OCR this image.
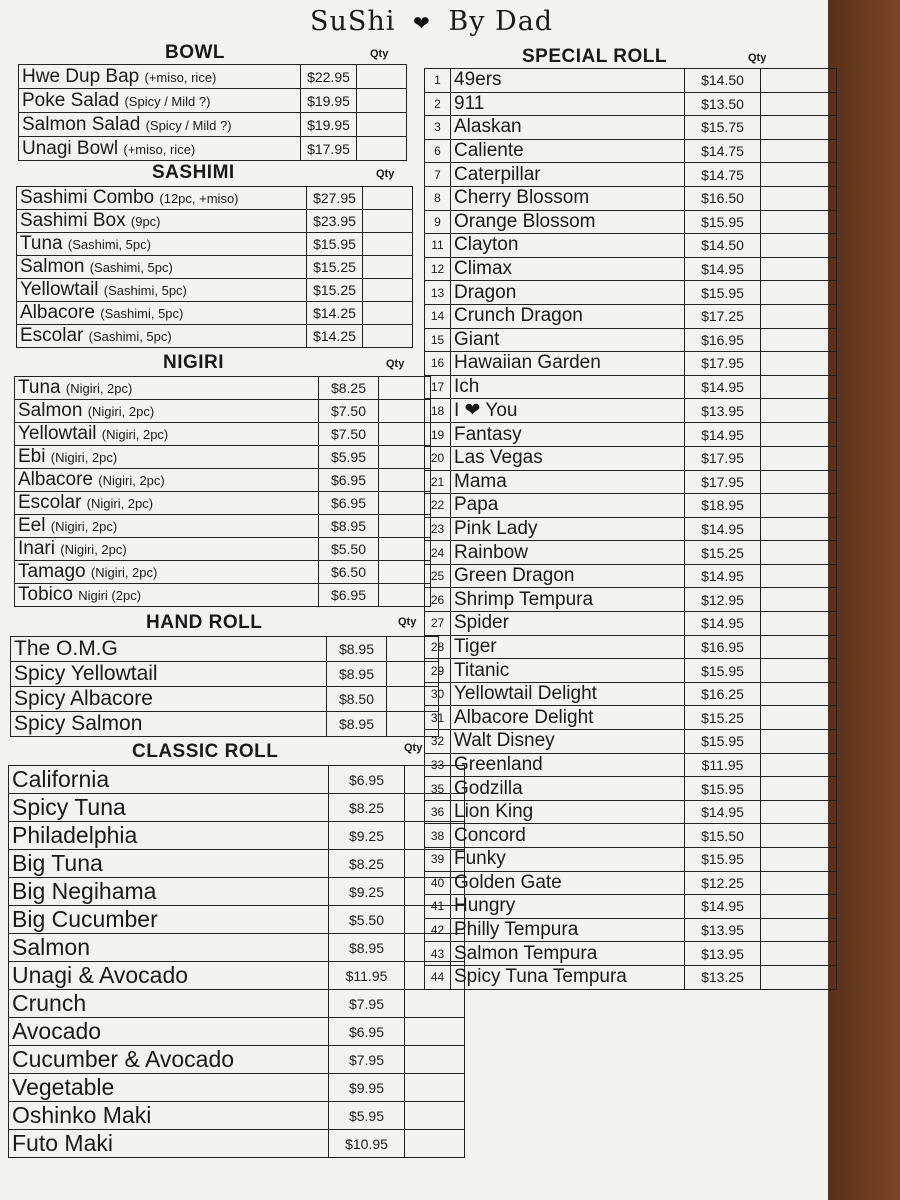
SuShi ❤ By Dad
BOWL	Qty
Hwe Dup Bap (+miso, rice)	$22.95	
Poke Salad (Spicy / Mild ?)	$19.95	
Salmon Salad (Spicy / Mild ?)	$19.95	
Unagi Bowl (+miso, rice)	$17.95	
SASHIMI	Qty
Sashimi Combo (12pc, +miso)	$27.95	
Sashimi Box (9pc)	$23.95	
Tuna (Sashimi, 5pc)	$15.95	
Salmon (Sashimi, 5pc)	$15.25	
Yellowtail (Sashimi, 5pc)	$15.25	
Albacore (Sashimi, 5pc)	$14.25	
Escolar (Sashimi, 5pc)	$14.25	
NIGIRI	Qty
Tuna (Nigiri, 2pc)	$8.25	
Salmon (Nigiri, 2pc)	$7.50	
Yellowtail (Nigiri, 2pc)	$7.50	
Ebi (Nigiri, 2pc)	$5.95	
Albacore (Nigiri, 2pc)	$6.95	
Escolar (Nigiri, 2pc)	$6.95	
Eel (Nigiri, 2pc)	$8.95	
Inari (Nigiri, 2pc)	$5.50	
Tamago (Nigiri, 2pc)	$6.50	
Tobico Nigiri (2pc)	$6.95	
HAND ROLL	Qty
The O.M.G	$8.95	
Spicy Yellowtail	$8.95	
Spicy Albacore	$8.50	
Spicy Salmon	$8.95	
CLASSIC ROLL	Qty
California	$6.95	
Spicy Tuna	$8.25	
Philadelphia	$9.25	
Big Tuna	$8.25	
Big Negihama	$9.25	
Big Cucumber	$5.50	
Salmon	$8.95	
Unagi & Avocado	$11.95	
Crunch	$7.95	
Avocado	$6.95	
Cucumber & Avocado	$7.95	
Vegetable	$9.95	
Oshinko Maki	$5.95	
Futo Maki	$10.95	
SPECIAL ROLL	Qty
1	49ers	$14.50	
2	911	$13.50	
3	Alaskan	$15.75	
6	Caliente	$14.75	
7	Caterpillar	$14.75	
8	Cherry Blossom	$16.50	
9	Orange Blossom	$15.95	
11	Clayton	$14.50	
12	Climax	$14.95	
13	Dragon	$15.95	
14	Crunch Dragon	$17.25	
15	Giant	$16.95	
16	Hawaiian Garden	$17.95	
17	Ich	$14.95	
18	I ❤ You	$13.95	
19	Fantasy	$14.95	
20	Las Vegas	$17.95	
21	Mama	$17.95	
22	Papa	$18.95	
23	Pink Lady	$14.95	
24	Rainbow	$15.25	
25	Green Dragon	$14.95	
26	Shrimp Tempura	$12.95	
27	Spider	$14.95	
28	Tiger	$16.95	
29	Titanic	$15.95	
30	Yellowtail Delight	$16.25	
31	Albacore Delight	$15.25	
32	Walt Disney	$15.95	
33	Greenland	$11.95	
35	Godzilla	$15.95	
36	Lion King	$14.95	
38	Concord	$15.50	
39	Funky	$15.95	
40	Golden Gate	$12.25	
41	Hungry	$14.95	
42	Philly Tempura	$13.95	
43	Salmon Tempura	$13.95	
44	Spicy Tuna Tempura	$13.25	
